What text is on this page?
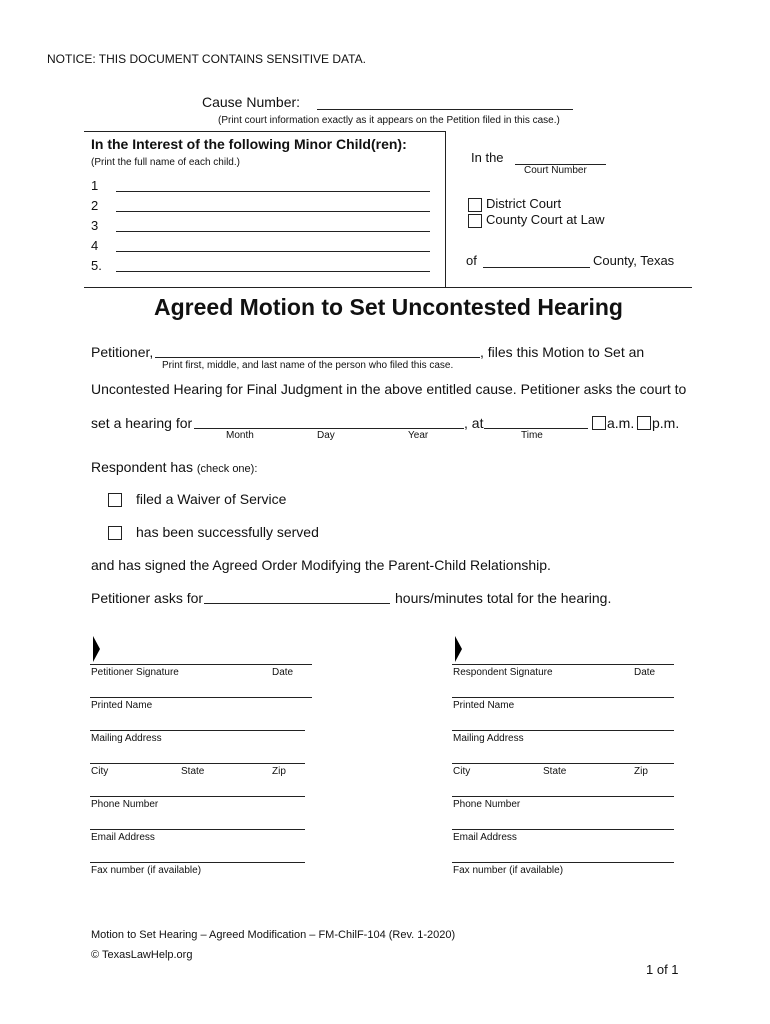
NOTICE: THIS DOCUMENT CONTAINS SENSITIVE DATA.
Cause Number:
(Print court information exactly as it appears on the Petition filed in this case.)
In the Interest of the following Minor Child(ren):
(Print the full name of each child.)
1
2
3
4
5.
In the
Court Number
District Court
County Court at Law
of	County, Texas
Agreed Motion to Set Uncontested Hearing
Petitioner,	, files this Motion to Set an
Print first, middle, and last name of the person who filed this case.
Uncontested Hearing for Final Judgment in the above entitled cause. Petitioner asks the court to
set a hearing for	, at	a.m. p.m.
Month	Day	Year	Time
Respondent has (check one):
filed a Waiver of Service
has been successfully served
and has signed the Agreed Order Modifying the Parent-Child Relationship.
Petitioner asks for	hours/minutes total for the hearing.
Petitioner Signature	Date
Printed Name
Mailing Address
City	State	Zip
Phone Number
Email Address
Fax number (if available)
Respondent Signature	Date
Printed Name
Mailing Address
City	State	Zip
Phone Number
Email Address
Fax number (if available)
Motion to Set Hearing – Agreed Modification – FM-ChilF-104 (Rev. 1-2020)
© TexasLawHelp.org
1 of 1
